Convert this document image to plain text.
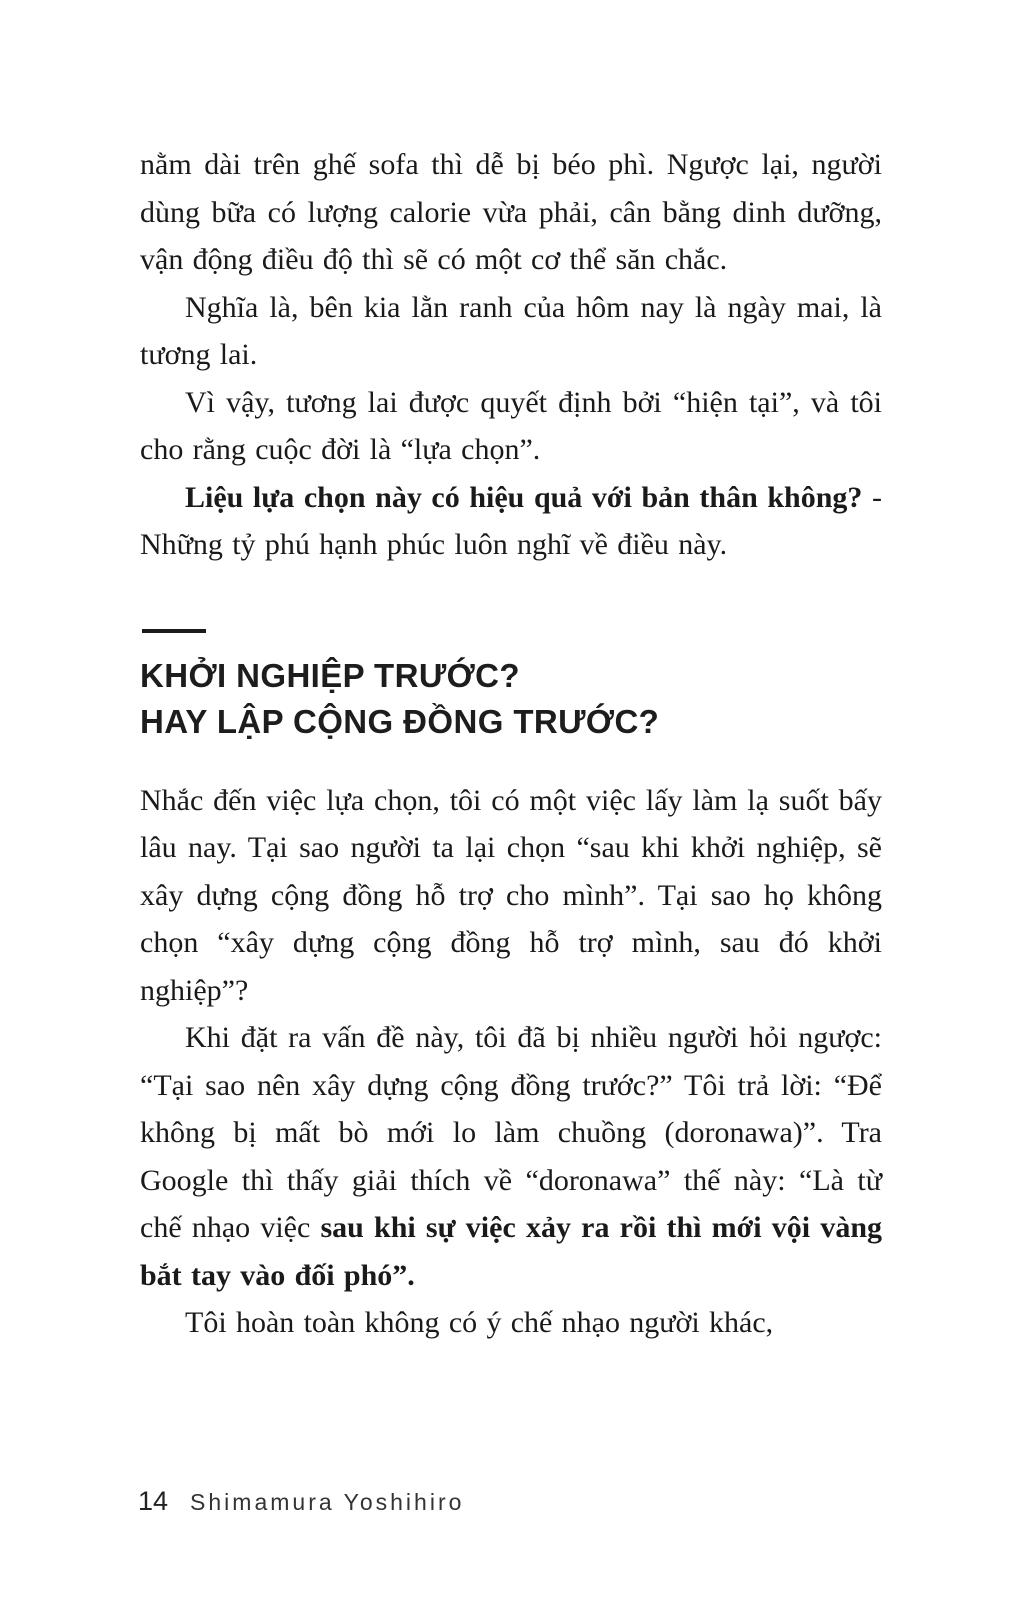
nằm dài trên ghế sofa thì dễ bị béo phì. Ngược lại, người dùng bữa có lượng calorie vừa phải, cân bằng dinh dưỡng, vận động điều độ thì sẽ có một cơ thể săn chắc.

Nghĩa là, bên kia lằn ranh của hôm nay là ngày mai, là tương lai.

Vì vậy, tương lai được quyết định bởi “hiện tại”, và tôi cho rằng cuộc đời là “lựa chọn”.

Liệu lựa chọn này có hiệu quả với bản thân không? - Những tỷ phú hạnh phúc luôn nghĩ về điều này.

KHỞI NGHIỆP TRƯỚC?
HAY LẬP CỘNG ĐỒNG TRƯỚC?

Nhắc đến việc lựa chọn, tôi có một việc lấy làm lạ suốt bấy lâu nay. Tại sao người ta lại chọn “sau khi khởi nghiệp, sẽ xây dựng cộng đồng hỗ trợ cho mình”. Tại sao họ không chọn “xây dựng cộng đồng hỗ trợ mình, sau đó khởi nghiệp”?

Khi đặt ra vấn đề này, tôi đã bị nhiều người hỏi ngược: “Tại sao nên xây dựng cộng đồng trước?” Tôi trả lời: “Để không bị mất bò mới lo làm chuồng (doronawa)”. Tra Google thì thấy giải thích về “doronawa” thế này: “Là từ chế nhạo việc sau khi sự việc xảy ra rồi thì mới vội vàng bắt tay vào đối phó”.

Tôi hoàn toàn không có ý chế nhạo người khác,

14 Shimamura Yoshihiro
